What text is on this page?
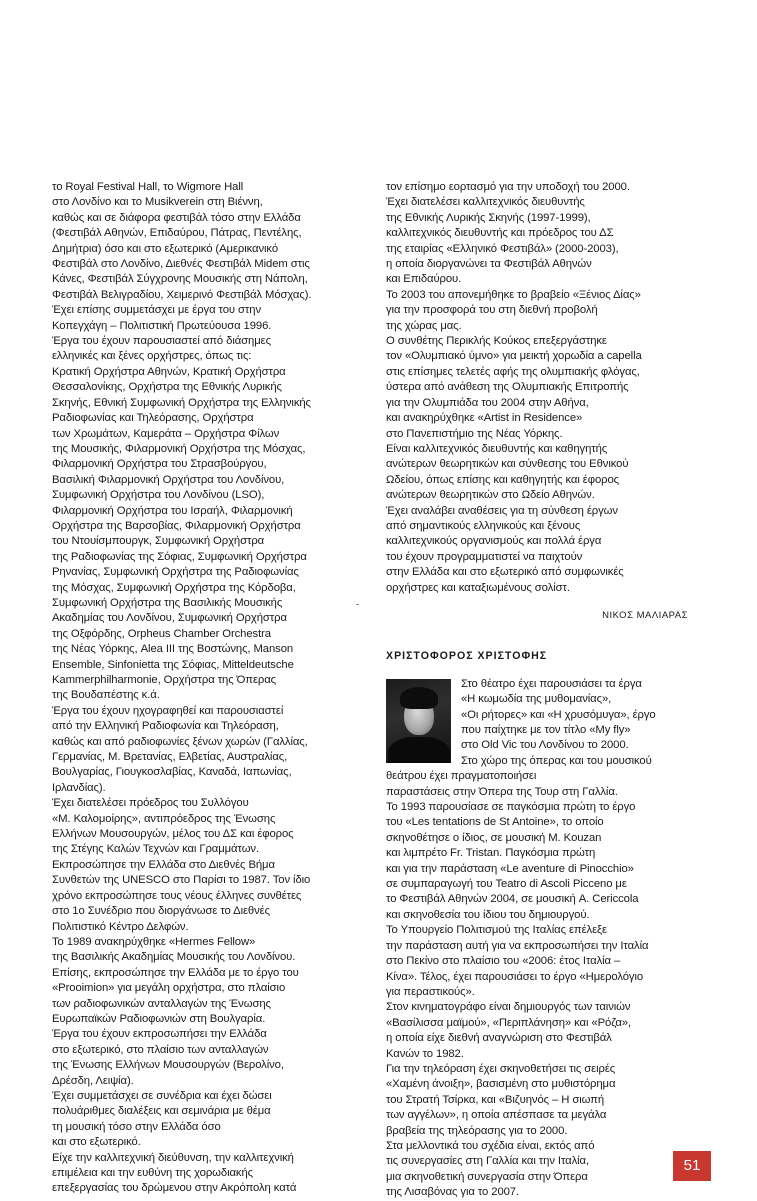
το Royal Festival Hall, το Wigmore Hall
στο Λονδίνο και το Musikverein στη Βιέννη,
καθώς και σε διάφορα φεστιβάλ τόσο στην Ελλάδα
(Φεστιβάλ Αθηνών, Επιδαύρου, Πάτρας, Πεντέλης,
Δημήτρια) όσο και στο εξωτερικό (Αμερικανικό
Φεστιβάλ στο Λονδίνο, Διεθνές Φεστιβάλ Midem στις
Κάνες, Φεστιβάλ Σύγχρονης Μουσικής στη Νάπολη,
Φεστιβάλ Βελιγραδίου, Χειμερινό Φεστιβάλ Μόσχας).
Έχει επίσης συμμετάσχει με έργα του στην
Κοπεγχάγη – Πολιτιστική Πρωτεύουσα 1996.
Έργα του έχουν παρουσιαστεί από διάσημες
ελληνικές και ξένες ορχήστρες, όπως τις:
Κρατική Ορχήστρα Αθηνών, Κρατική Ορχήστρα
Θεσσαλονίκης, Ορχήστρα της Εθνικής Λυρικής
Σκηνής, Εθνική Συμφωνική Ορχήστρα της Ελληνικής
Ραδιοφωνίας και Τηλεόρασης, Ορχήστρα
των Χρωμάτων, Καμεράτα – Ορχήστρα Φίλων
της Μουσικής, Φιλαρμονική Ορχήστρα της Μόσχας,
Φιλαρμονική Ορχήστρα του Στρασβούργου,
Βασιλική Φιλαρμονική Ορχήστρα του Λονδίνου,
Συμφωνική Ορχήστρα του Λονδίνου (LSO),
Φιλαρμονική Ορχήστρα του Ισραήλ, Φιλαρμονική
Ορχήστρα της Βαρσοβίας, Φιλαρμονική Ορχήστρα
του Ντουίσμπουργκ, Συμφωνική Ορχήστρα
της Ραδιοφωνίας της Σόφιας, Συμφωνική Ορχήστρα
Ρηνανίας, Συμφωνική Ορχήστρα της Ραδιοφωνίας
της Μόσχας, Συμφωνική Ορχήστρα της Κόρδοβα,
Συμφωνική Ορχήστρα της Βασιλικής Μουσικής
Ακαδημίας του Λονδίνου, Συμφωνική Ορχήστρα
της Οξφόρδης, Orpheus Chamber Orchestra
της Νέας Υόρκης, Alea III της Βοστώνης, Manson
Ensemble, Sinfonietta της Σόφιας, Mitteldeutsche
Kammerphilharmonie, Ορχήστρα της Όπερας
της Βουδαπέστης κ.ά.
Έργα του έχουν ηχογραφηθεί και παρουσιαστεί
από την Ελληνική Ραδιοφωνία και Τηλεόραση,
καθώς και από ραδιοφωνίες ξένων χωρών (Γαλλίας,
Γερμανίας, Μ. Βρετανίας, Ελβετίας, Αυστραλίας,
Βουλγαρίας, Γιουγκοσλαβίας, Καναδά, Ιαπωνίας,
Ιρλανδίας).
Έχει διατελέσει πρόεδρος του Συλλόγου
«Μ. Καλομοίρης», αντιπρόεδρος της Ένωσης
Ελλήνων Μουσουργών, μέλος του ΔΣ και έφορος
της Στέγης Καλών Τεχνών και Γραμμάτων.
Εκπροσώπησε την Ελλάδα στο Διεθνές Βήμα
Συνθετών της UNESCO στο Παρίσι το 1987. Τον ίδιο
χρόνο εκπροσώπησε τους νέους έλληνες συνθέτες
στο 1ο Συνέδριο που διοργάνωσε το Διεθνές
Πολιτιστικό Κέντρο Δελφών.
Το 1989 ανακηρύχθηκε «Hermes Fellow»
της Βασιλικής Ακαδημίας Μουσικής του Λονδίνου.
Επίσης, εκπροσώπησε την Ελλάδα με το έργο του
«Prooimion» για μεγάλη ορχήστρα, στο πλαίσιο
των ραδιοφωνικών ανταλλαγών της Ένωσης
Ευρωπαϊκών Ραδιοφωνιών στη Βουλγαρία.
Έργα του έχουν εκπροσωπήσει την Ελλάδα
στο εξωτερικό, στο πλαίσιο των ανταλλαγών
της Ένωσης Ελλήνων Μουσουργών (Βερολίνο,
Δρέσδη, Λειψία).
Έχει συμμετάσχει σε συνέδρια και έχει δώσει
πολυάριθμες διαλέξεις και σεμινάρια με θέμα
τη μουσική τόσο στην Ελλάδα όσο
και στο εξωτερικό.
Είχε την καλλιτεχνική διεύθυνση, την καλλιτεχνική
επιμέλεια και την ευθύνη της χορωδιακής
επεξεργασίας του δρώμενου στην Ακρόπολη κατά
τον επίσημο εορτασμό για την υποδοχή του 2000.
Έχει διατελέσει καλλιτεχνικός διευθυντής
της Εθνικής Λυρικής Σκηνής (1997-1999),
καλλιτεχνικός διευθυντής και πρόεδρος του ΔΣ
της εταιρίας «Ελληνικό Φεστιβάλ» (2000-2003),
η οποία διοργανώνει τα Φεστιβάλ Αθηνών
και Επιδαύρου.
Το 2003 του απονεμήθηκε το βραβείο «Ξένιος Δίας»
για την προσφορά του στη διεθνή προβολή
της χώρας μας.
Ο συνθέτης Περικλής Κούκος επεξεργάστηκε
τον «Ολυμπιακό ύμνο» για μεικτή χορωδία a capella
στις επίσημες τελετές αφής της ολυμπιακής φλόγας,
ύστερα από ανάθεση της Ολυμπιακής Επιτροπής
για την Ολυμπιάδα του 2004 στην Αθήνα,
και ανακηρύχθηκε «Artist in Residence»
στο Πανεπιστήμιο της Νέας Υόρκης.
Είναι καλλιτεχνικός διευθυντής και καθηγητής
ανώτερων θεωρητικών και σύνθεσης του Εθνικού
Ωδείου, όπως επίσης και καθηγητής και έφορος
ανώτερων θεωρητικών στο Ωδείο Αθηνών.
Έχει αναλάβει αναθέσεις για τη σύνθεση έργων
από σημαντικούς ελληνικούς και ξένους
καλλιτεχνικούς οργανισμούς και πολλά έργα
του έχουν προγραμματιστεί να παιχτούν
στην Ελλάδα και στο εξωτερικό από συμφωνικές
ορχήστρες και καταξιωμένους σολίστ.
ΝΙΚΟΣ ΜΑΛΙΑΡΑΣ
ΧΡΙΣΤΟΦΟΡΟΣ ΧΡΙΣΤΟΦΗΣ
Στο θέατρο έχει παρουσιάσει τα έργα
«Η κωμωδία της μυθομανίας»,
«Οι ρήτορες» και «Η χρυσόμυγα», έργο
που παίχτηκε με τον τίτλο «My fly»
στο Old Vic του Λονδίνου το 2000.
Στο χώρο της όπερας και του μουσικού
θεάτρου έχει πραγματοποιήσει
παραστάσεις στην Όπερα της Τουρ στη Γαλλία.
Το 1993 παρουσίασε σε παγκόσμια πρώτη το έργο
του «Les tentations de St Antoine», το οποίο
σκηνοθέτησε ο ίδιος, σε μουσική M. Kouzan
και λιμπρέτο Fr. Tristan. Παγκόσμια πρώτη
και για την παράσταση «Le aventure di Pinocchio»
σε συμπαραγωγή του Teatro di Ascoli Picceno με
το Φεστιβάλ Αθηνών 2004, σε μουσική A. Cericcola
και σκηνοθεσία του ίδιου του δημιουργού.
Το Υπουργείο Πολιτισμού της Ιταλίας επέλεξε
την παράσταση αυτή για να εκπροσωπήσει την Ιταλία
στο Πεκίνο στο πλαίσιο του «2006: έτος Ιταλία –
Κίνα». Τέλος, έχει παρουσιάσει το έργο «Ημερολόγιο
για περαστικούς».
Στον κινηματογράφο είναι δημιουργός των ταινιών
«Βασίλισσα μαϊμού», «Περιπλάνηση» και «Ρόζα»,
η οποία είχε διεθνή αναγνώριση στο Φεστιβάλ
Κανών το 1982.
Για την τηλεόραση έχει σκηνοθετήσει τις σειρές
«Χαμένη άνοιξη», βασισμένη στο μυθιστόρημα
του Στρατή Τσίρκα, και «Βιζυηνός – Η σιωπή
των αγγέλων», η οποία απέσπασε τα μεγάλα
βραβεία της τηλεόρασης για το 2000.
Στα μελλοντικά του σχέδια είναι, εκτός από
τις συνεργασίες στη Γαλλία και την Ιταλία,
μια σκηνοθετική συνεργασία στην Όπερα
της Λισαβόνας για το 2007.
51
